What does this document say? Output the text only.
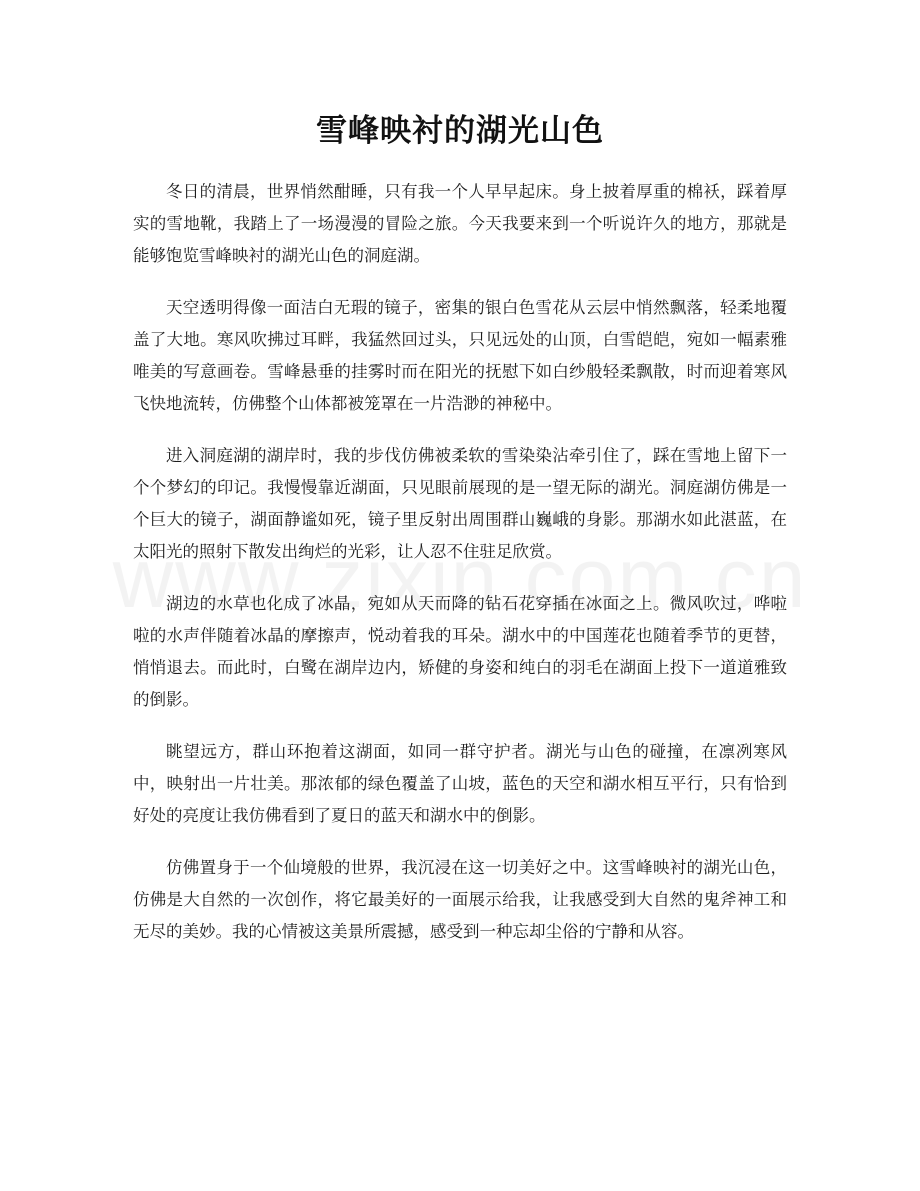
雪峰映衬的湖光山色

冬日的清晨，世界悄然酣睡，只有我一个人早早起床。身上披着厚重的棉袄，踩着厚实的雪地靴，我踏上了一场漫漫的冒险之旅。今天我要来到一个听说许久的地方，那就是能够饱览雪峰映衬的湖光山色的洞庭湖。

天空透明得像一面洁白无瑕的镜子，密集的银白色雪花从云层中悄然飘落，轻柔地覆盖了大地。寒风吹拂过耳畔，我猛然回过头，只见远处的山顶，白雪皑皑，宛如一幅素雅唯美的写意画卷。雪峰悬垂的挂雾时而在阳光的抚慰下如白纱般轻柔飘散，时而迎着寒风飞快地流转，仿佛整个山体都被笼罩在一片浩渺的神秘中。

进入洞庭湖的湖岸时，我的步伐仿佛被柔软的雪染染沾牵引住了，踩在雪地上留下一个个梦幻的印记。我慢慢靠近湖面，只见眼前展现的是一望无际的湖光。洞庭湖仿佛是一个巨大的镜子，湖面静谧如死，镜子里反射出周围群山巍峨的身影。那湖水如此湛蓝，在太阳光的照射下散发出绚烂的光彩，让人忍不住驻足欣赏。

湖边的水草也化成了冰晶，宛如从天而降的钻石花穿插在冰面之上。微风吹过，哗啦啦的水声伴随着冰晶的摩擦声，悦动着我的耳朵。湖水中的中国莲花也随着季节的更替，悄悄退去。而此时，白鹭在湖岸边内，矫健的身姿和纯白的羽毛在湖面上投下一道道雅致的倒影。

眺望远方，群山环抱着这湖面，如同一群守护者。湖光与山色的碰撞，在凛冽寒风中，映射出一片壮美。那浓郁的绿色覆盖了山坡，蓝色的天空和湖水相互平行，只有恰到好处的亮度让我仿佛看到了夏日的蓝天和湖水中的倒影。

仿佛置身于一个仙境般的世界，我沉浸在这一切美好之中。这雪峰映衬的湖光山色，仿佛是大自然的一次创作，将它最美好的一面展示给我，让我感受到大自然的鬼斧神工和无尽的美妙。我的心情被这美景所震撼，感受到一种忘却尘俗的宁静和从容。
